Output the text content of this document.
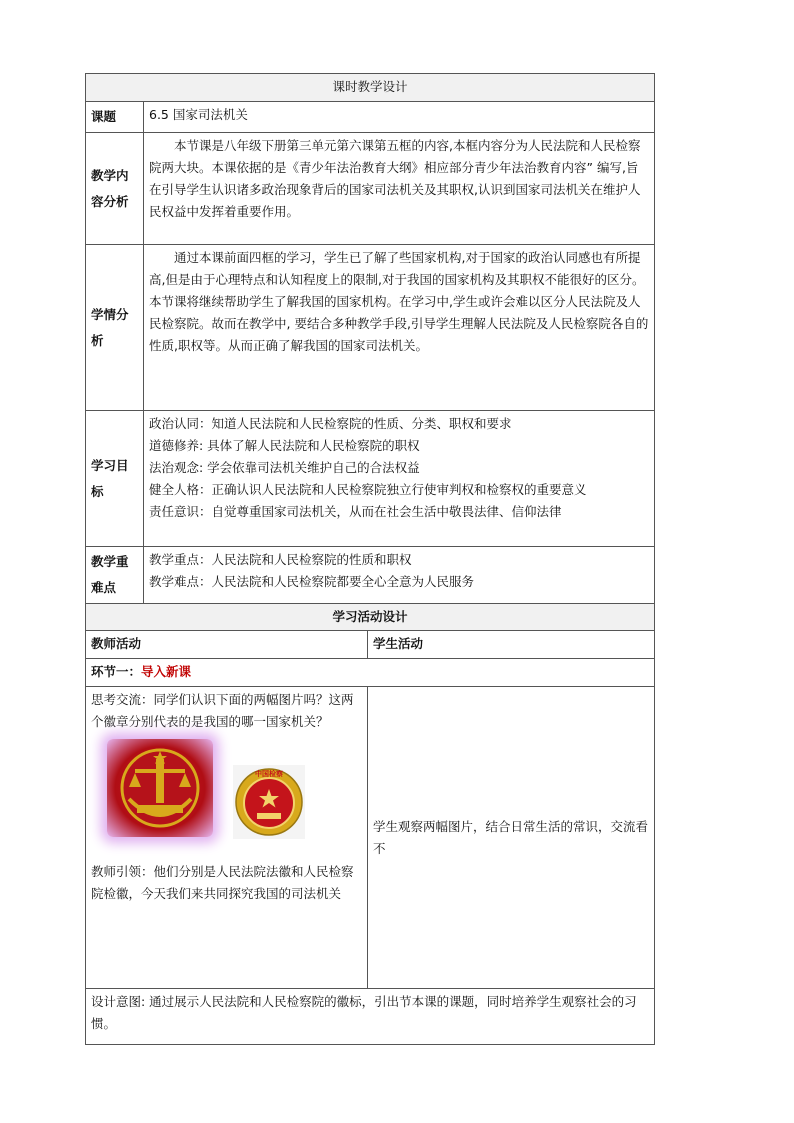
课时教学设计		
课题	6.5 国家司法机关	
教学内容分析	本节课是八年级下册第三单元第六课第五框的内容,本框内容分为人民法院和人民检察院两大块。本课依据的是《青少年法治教育大纲》相应部分青少年法治教育内容” 编写,旨在引导学生认识诸多政治现象背后的国家司法机关及其职权,认识到国家司法机关在维护人民权益中发挥着重要作用。	
学情分析	通过本课前面四框的学习，学生已了解了些国家机构,对于国家的政治认同感也有所提高,但是由于心理特点和认知程度上的限制,对于我国的国家机构及其职权不能很好的区分。本节课将继续帮助学生了解我国的国家机构。在学习中,学生或许会难以区分人民法院及人民检察院。故而在教学中, 要结合多种教学手段,引导学生理解人民法院及人民检察院各自的性质,职权等。从而正确了解我国的国家司法机关。	
学习目标	政治认同：知道人民法院和人民检察院的性质、分类、职权和要求
道德修养: 具体了解人民法院和人民检察院的职权
法治观念: 学会依靠司法机关维护自己的合法权益
健全人格：正确认识人民法院和人民检察院独立行使审判权和检察权的重要意义
责任意识：自觉尊重国家司法机关，从而在社会生活中敬畏法律、信仰法律	

教学重难点	教学重点：人民法院和人民检察院的性质和职权
教学难点：人民法院和人民检察院都要全心全意为人民服务	

学习活动设计		
教师活动		学生活动
环节一：导入新课		

思考交流：同学们认识下面的两幅图片吗？这两个徽章分别代表的是我国的哪一国家机关？
中国检察
教师引领：他们分别是人民法院法徽和人民检察院检徽，今天我们来共同探究我国的司法机关		学生观察两幅图片，结合日常生活的常识，交流看不

设计意图: 通过展示人民法院和人民检察院的徽标，引出节本课的课题，同时培养学生观察社会的习惯。		
